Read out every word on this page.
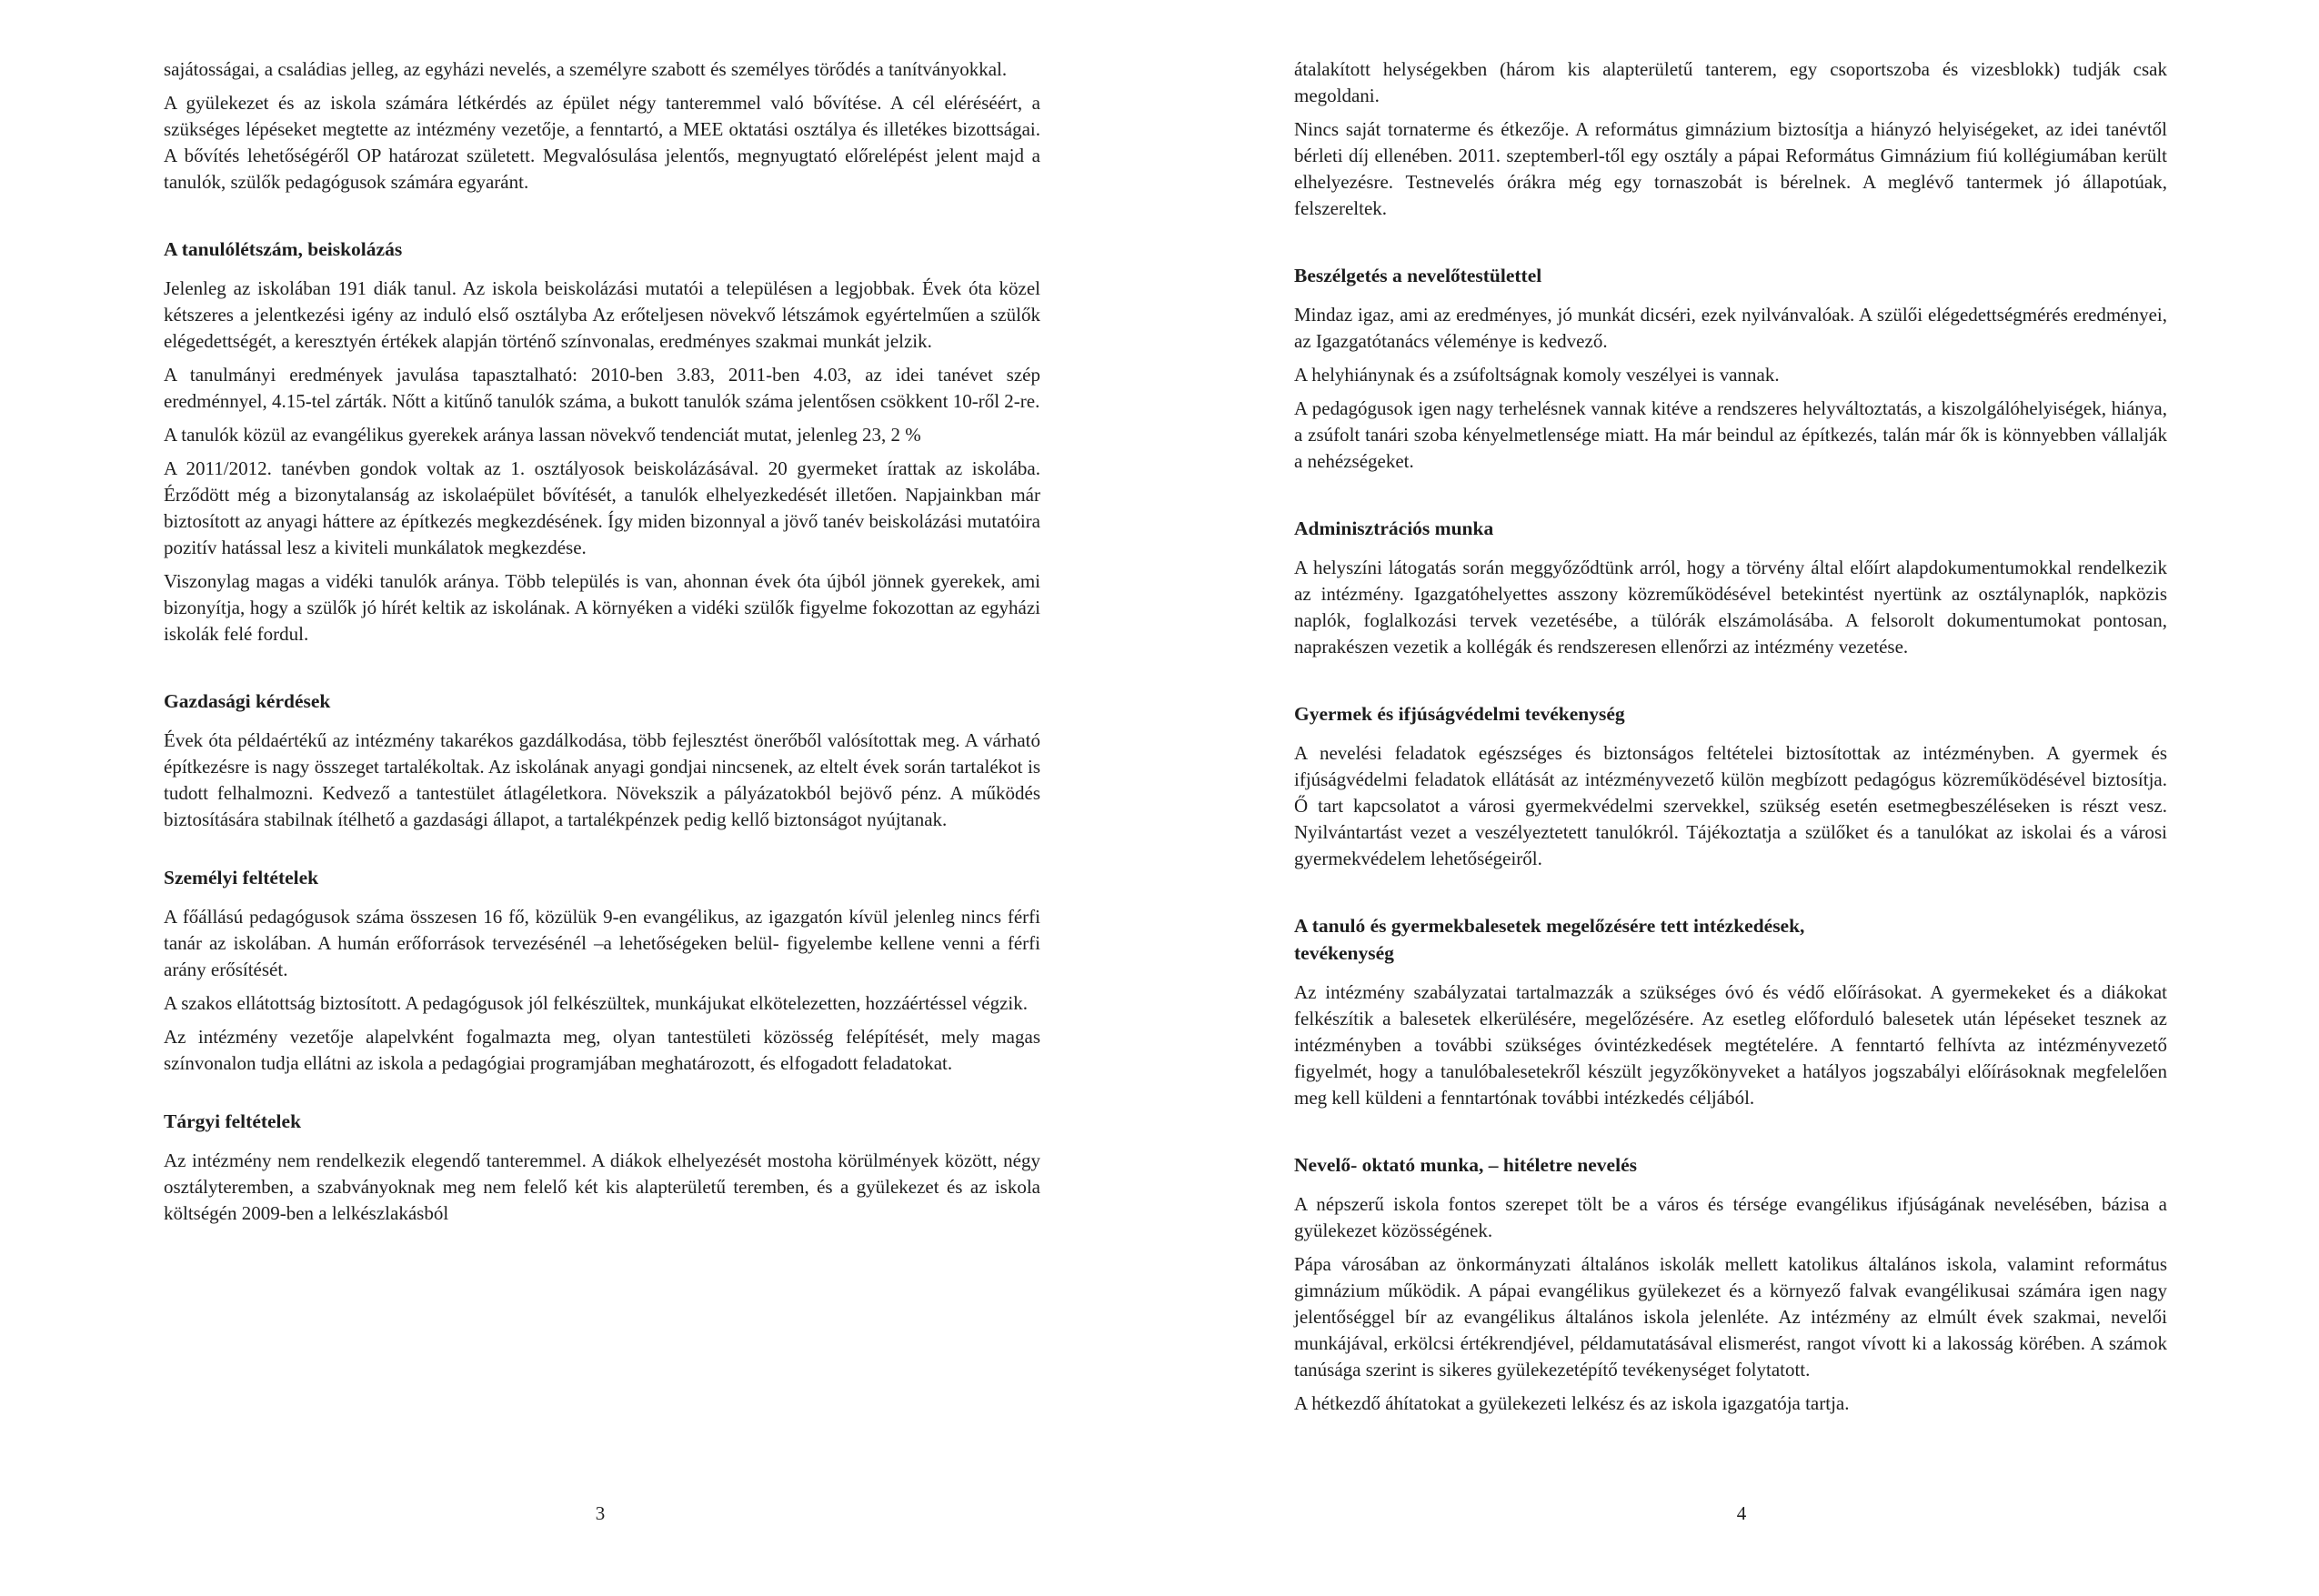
sajátosságai, a családias jelleg, az egyházi nevelés, a személyre szabott és személyes törődés a tanítványokkal.

A gyülekezet és az iskola számára létkérdés az épület négy tanteremmel való bővítése. A cél eléréséért, a szükséges lépéseket megtette az intézmény vezetője, a fenntartó, a MEE oktatási osztálya és illetékes bizottságai. A bővítés lehetőségéről OP határozat született. Megvalósulása jelentős, megnyugtató előrelépést jelent majd a tanulók, szülők pedagógusok számára egyaránt.

A tanulólétszám, beiskolázás

Jelenleg az iskolában 191 diák tanul. Az iskola beiskolázási mutatói a településen a legjobbak. Évek óta közel kétszeres a jelentkezési igény az induló első osztályba Az erőteljesen növekvő létszámok egyértelműen a szülők elégedettségét, a keresztyén értékek alapján történő színvonalas, eredményes szakmai munkát jelzik.

A tanulmányi eredmények javulása tapasztalható: 2010-ben 3.83, 2011-ben 4.03, az idei tanévet szép eredménnyel, 4.15-tel zárták. Nőtt a kitűnő tanulók száma, a bukott tanulók száma jelentősen csökkent 10-ről 2-re.

A tanulók közül az evangélikus gyerekek aránya lassan növekvő tendenciát mutat, jelenleg 23, 2 %

A 2011/2012. tanévben gondok voltak az 1. osztályosok beiskolázásával. 20 gyermeket írattak az iskolába. Érződött még a bizonytalanság az iskolaépület bővítését, a tanulók elhelyezkedését illetően. Napjainkban már biztosított az anyagi háttere az építkezés megkezdésének. Így miden bizonnyal a jövő tanév beiskolázási mutatóira pozitív hatással lesz a kiviteli munkálatok megkezdése.

Viszonylag magas a vidéki tanulók aránya. Több település is van, ahonnan évek óta újból jönnek gyerekek, ami bizonyítja, hogy a szülők jó hírét keltik az iskolának. A környéken a vidéki szülők figyelme fokozottan az egyházi iskolák felé fordul.

Gazdasági kérdések

Évek óta példaértékű az intézmény takarékos gazdálkodása, több fejlesztést önerőből valósítottak meg. A várható építkezésre is nagy összeget tartalékoltak. Az iskolának anyagi gondjai nincsenek, az eltelt évek során tartalékot is tudott felhalmozni. Kedvező a tantestület átlagéletkora. Növekszik a pályázatokból bejövő pénz. A működés biztosítására stabilnak ítélhető a gazdasági állapot, a tartalékpénzek pedig kellő biztonságot nyújtanak.

Személyi feltételek

A főállású pedagógusok száma összesen 16 fő, közülük 9-en evangélikus, az igazgatón kívül jelenleg nincs férfi tanár az iskolában. A humán erőforrások tervezésénél –a lehetőségeken belül- figyelembe kellene venni a férfi arány erősítését.

A szakos ellátottság biztosított. A pedagógusok jól felkészültek, munkájukat elkötelezetten, hozzáértéssel végzik.

Az intézmény vezetője alapelvként fogalmazta meg, olyan tantestületi közösség felépítését, mely magas színvonalon tudja ellátni az iskola a pedagógiai programjában meghatározott, és elfogadott feladatokat.

Tárgyi feltételek

Az intézmény nem rendelkezik elegendő tanteremmel. A diákok elhelyezését mostoha körülmények között, négy osztályteremben, a szabványoknak meg nem felelő két kis alapterületű teremben, és a gyülekezet és az iskola költségén 2009-ben a lelkészlakásból

3

átalakított helységekben (három kis alapterületű tanterem, egy csoportszoba és vizesblokk) tudják csak megoldani.

Nincs saját tornaterme és étkezője. A református gimnázium biztosítja a hiányzó helyiségeket, az idei tanévtől bérleti díj ellenében. 2011. szeptemberl-től egy osztály a pápai Református Gimnázium fiú kollégiumában került elhelyezésre. Testnevelés órákra még egy tornaszobát is bérelnek. A meglévő tantermek jó állapotúak, felszereltek.

Beszélgetés a nevelőtestülettel

Mindaz igaz, ami az eredményes, jó munkát dicséri, ezek nyilvánvalóak. A szülői elégedettségmérés eredményei, az Igazgatótanács véleménye is kedvező.

A helyhiánynak és a zsúfoltságnak komoly veszélyei is vannak.

A pedagógusok igen nagy terhelésnek vannak kitéve a rendszeres helyváltoztatás, a kiszolgálóhelyiségek, hiánya, a zsúfolt tanári szoba kényelmetlensége miatt. Ha már beindul az építkezés, talán már ők is könnyebben vállalják a nehézségeket.

Adminisztrációs munka

A helyszíni látogatás során meggyőződtünk arról, hogy a törvény által előírt alapdokumentumokkal rendelkezik az intézmény. Igazgatóhelyettes asszony közreműködésével betekintést nyertünk az osztálynaplók, napközis naplók, foglalkozási tervek vezetésébe, a tülórák elszámolásába. A felsorolt dokumentumokat pontosan, naprakészen vezetik a kollégák és rendszeresen ellenőrzi az intézmény vezetése.

Gyermek és ifjúságvédelmi tevékenység

A nevelési feladatok egészséges és biztonságos feltételei biztosítottak az intézményben. A gyermek és ifjúságvédelmi feladatok ellátását az intézményvezető külön megbízott pedagógus közreműködésével biztosítja. Ő tart kapcsolatot a városi gyermekvédelmi szervekkel, szükség esetén esetmegbeszéléseken is részt vesz. Nyilvántartást vezet a veszélyeztetett tanulókról. Tájékoztatja a szülőket és a tanulókat az iskolai és a városi gyermekvédelem lehetőségeiről.

A tanuló és gyermekbalesetek megelőzésére tett intézkedések,
tevékenység

Az intézmény szabályzatai tartalmazzák a szükséges óvó és védő előírásokat. A gyermekeket és a diákokat felkészítik a balesetek elkerülésére, megelőzésére. Az esetleg előforduló balesetek után lépéseket tesznek az intézményben a további szükséges óvintézkedések megtételére. A fenntartó felhívta az intézményvezető figyelmét, hogy a tanulóbalesetekről készült jegyzőkönyveket a hatályos jogszabályi előírásoknak megfelelően meg kell küldeni a fenntartónak további intézkedés céljából.

Nevelő- oktató munka, – hitéletre nevelés

A népszerű iskola fontos szerepet tölt be a város és térsége evangélikus ifjúságának nevelésében, bázisa a gyülekezet közösségének.

Pápa városában az önkormányzati általános iskolák mellett katolikus általános iskola, valamint református gimnázium működik. A pápai evangélikus gyülekezet és a környező falvak evangélikusai számára igen nagy jelentőséggel bír az evangélikus általános iskola jelenléte. Az intézmény az elmúlt évek szakmai, nevelői munkájával, erkölcsi értékrendjével, példamutatásával elismerést, rangot vívott ki a lakosság körében. A számok tanúsága szerint is sikeres gyülekezetépítő tevékenységet folytatott.

A hétkezdő áhítatokat a gyülekezeti lelkész és az iskola igazgatója tartja.

4
